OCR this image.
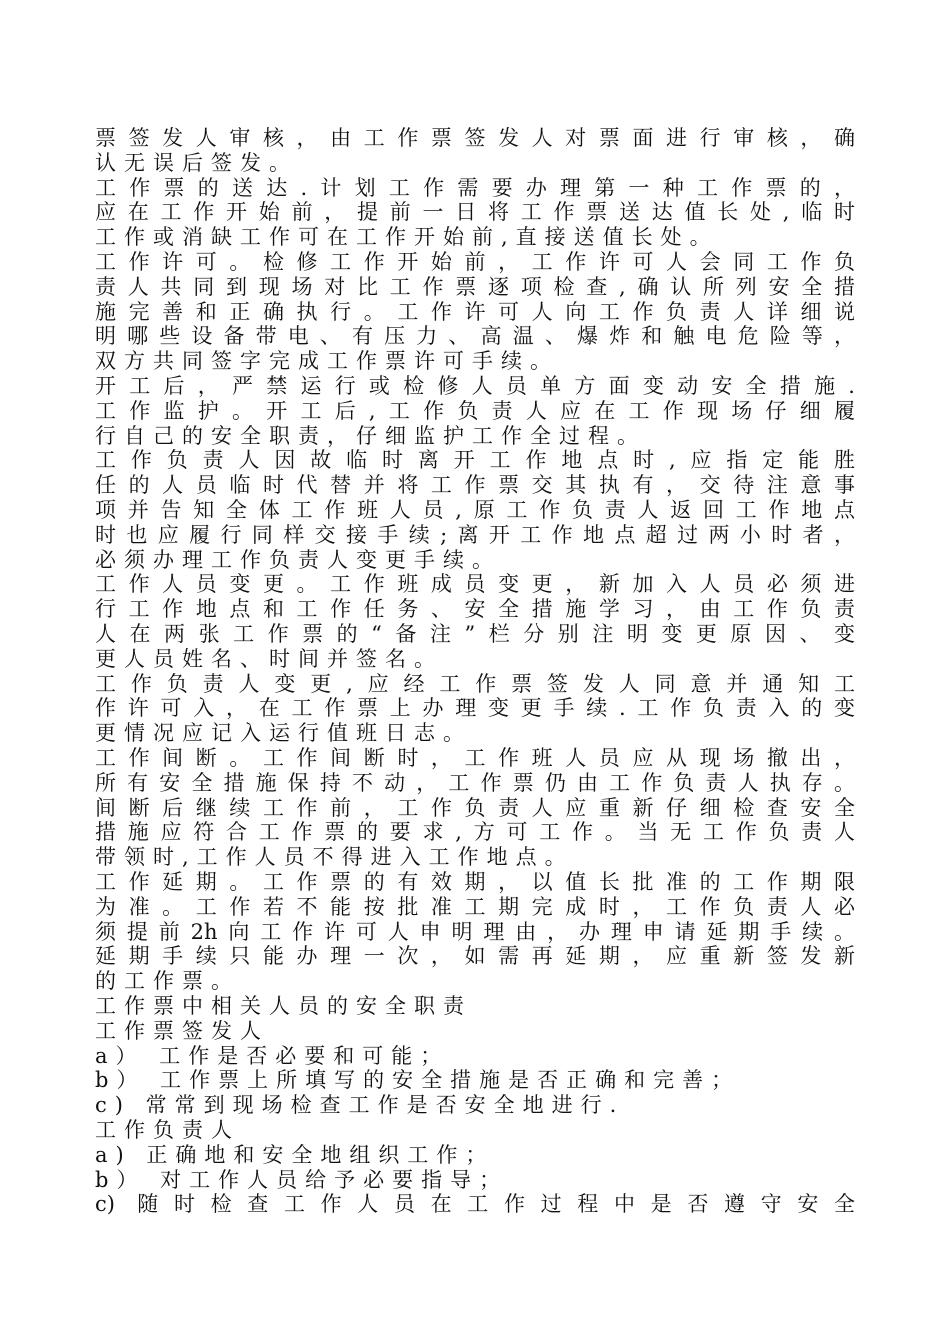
票签发人审核，由工作票签发人对票面进行审核，确
认无误后签发。
工作票的送达.计划工作需要办理第一种工作票的，
应在工作开始前，提前一日将工作票送达值长处,临时
工作或消缺工作可在工作开始前,直接送值长处。
工作许可。检修工作开始前，工作许可人会同工作负
责人共同到现场对比工作票逐项检查,确认所列安全措
施完善和正确执行。工作许可人向工作负责人详细说
明哪些设备带电、有压力、高温、爆炸和触电危险等，
双方共同签字完成工作票许可手续。
开工后，严禁运行或检修人员单方面变动安全措施.
工作监护。开工后,工作负责人应在工作现场仔细履
行自己的安全职责，仔细监护工作全过程。
工作负责人因故临时离开工作地点时,应指定能胜
任的人员临时代替并将工作票交其执有，交待注意事
项并告知全体工作班人员,原工作负责人返回工作地点
时也应履行同样交接手续;离开工作地点超过两小时者，
必须办理工作负责人变更手续。
工作人员变更。工作班成员变更，新加入人员必须进
行工作地点和工作任务、安全措施学习，由工作负责
人在两张工作票的“备注”栏分别注明变更原因、变
更人员姓名、时间并签名。
工作负责人变更,应经工作票签发人同意并通知工
作许可入，在工作票上办理变更手续.工作负责入的变
更情况应记入运行值班日志。
工作间断。工作间断时，工作班人员应从现场撤出，
所有安全措施保持不动，工作票仍由工作负责人执存。
间断后继续工作前，工作负责人应重新仔细检查安全
措施应符合工作票的要求,方可工作。当无工作负责人
带领时,工作人员不得进入工作地点。
工作延期。工作票的有效期，以值长批准的工作期限
为准。工作若不能按批准工期完成时，工作负责人必
须提前2h向工作许可人申明理由，办理申请延期手续。
延期手续只能办理一次，如需再延期，应重新签发新
的工作票。
工作票中相关人员的安全职责
工作票签发人
a） 工作是否必要和可能；
b） 工作票上所填写的安全措施是否正确和完善；
c) 常常到现场检查工作是否安全地进行.
工作负责人
a) 正确地和安全地组织工作；
b） 对工作人员给予必要指导；
c) 随时检查工作人员在工作过程中是否遵守安全
